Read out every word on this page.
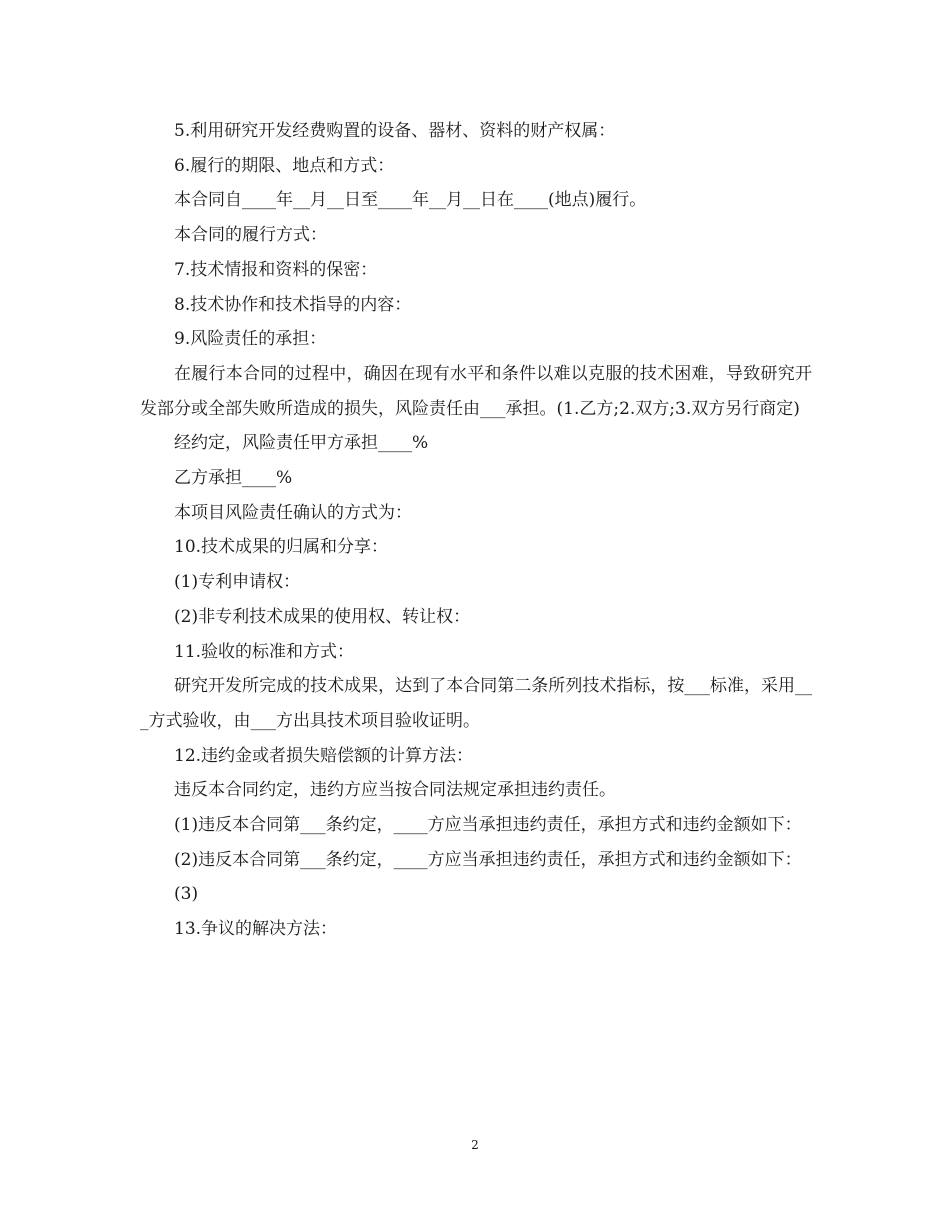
5.利用研究开发经费购置的设备、器材、资料的财产权属：

6.履行的期限、地点和方式：

本合同自____年__月__日至____年__月__日在____(地点)履行。

本合同的履行方式：

7.技术情报和资料的保密：

8.技术协作和技术指导的内容：

9.风险责任的承担：

在履行本合同的过程中，确因在现有水平和条件以难以克服的技术困难，导致研究开发部分或全部失败所造成的损失，风险责任由___承担。(1.乙方;2.双方;3.双方另行商定)

经约定，风险责任甲方承担____%

乙方承担____%

本项目风险责任确认的方式为：

10.技术成果的归属和分享：

(1)专利申请权：

(2)非专利技术成果的使用权、转让权：

11.验收的标准和方式：

研究开发所完成的技术成果，达到了本合同第二条所列技术指标，按___标准，采用___方式验收，由___方出具技术项目验收证明。

12.违约金或者损失赔偿额的计算方法：

违反本合同约定，违约方应当按合同法规定承担违约责任。

(1)违反本合同第___条约定，____方应当承担违约责任，承担方式和违约金额如下：

(2)违反本合同第___条约定，____方应当承担违约责任，承担方式和违约金额如下：

(3)

13.争议的解决方法：

2
